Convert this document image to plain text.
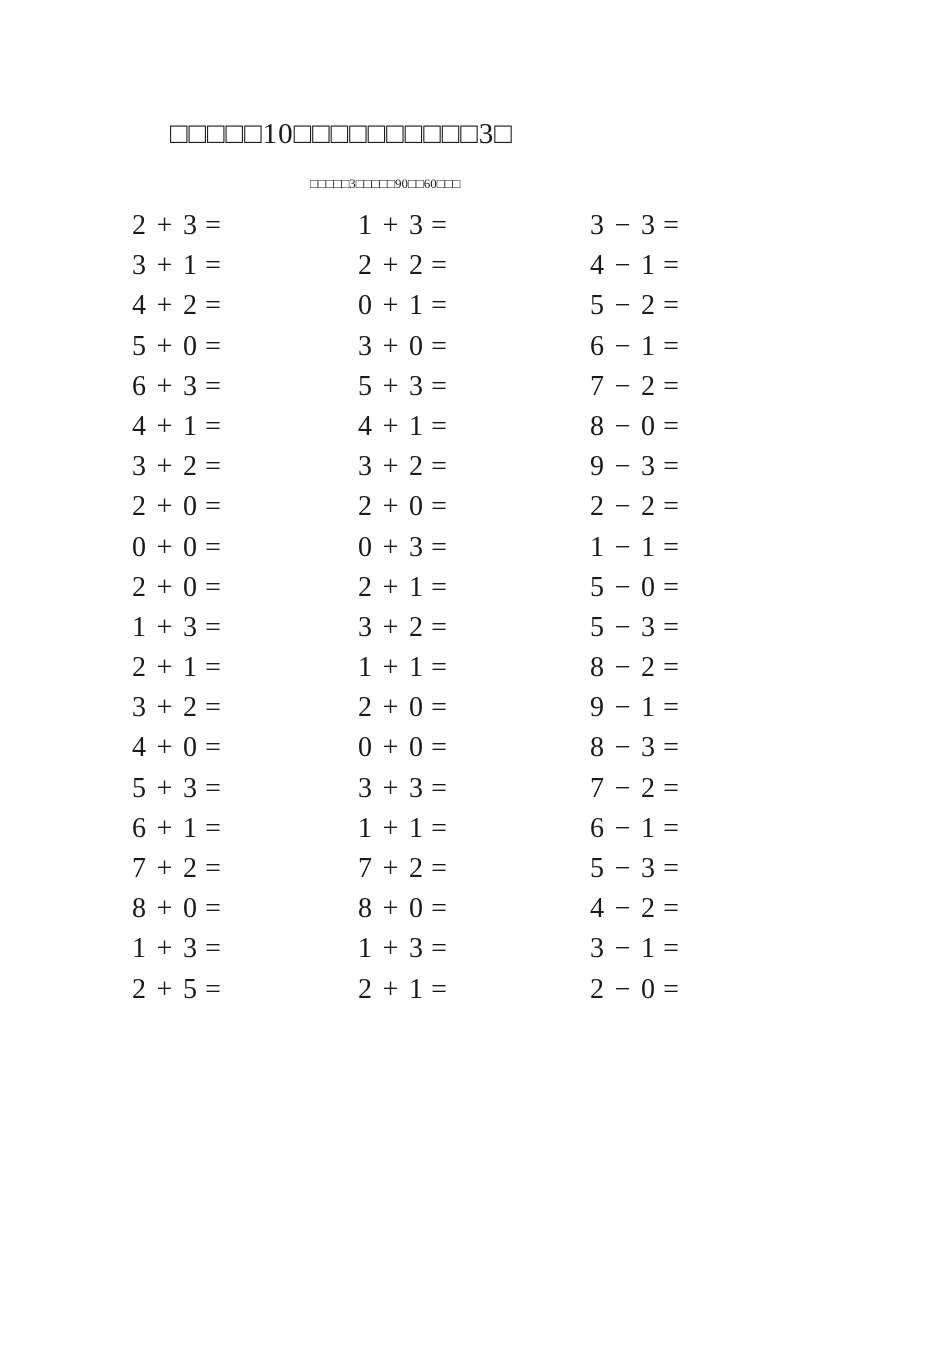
□□□□□10□□□□□□□□□□3□
□□□□□3□□□□□90□□60□□□
2 + 3 =
3 + 1 =
4 + 2 =
5 + 0 =
6 + 3 =
4 + 1 =
3 + 2 =
2 + 0 =
0 + 0 =
2 + 0 =
1 + 3 =
2 + 1 =
3 + 2 =
4 + 0 =
5 + 3 =
6 + 1 =
7 + 2 =
8 + 0 =
1 + 3 =
2 + 5 =
1 + 3 =
2 + 2 =
0 + 1 =
3 + 0 =
5 + 3 =
4 + 1 =
3 + 2 =
2 + 0 =
0 + 3 =
2 + 1 =
3 + 2 =
1 + 1 =
2 + 0 =
0 + 0 =
3 + 3 =
1 + 1 =
7 + 2 =
8 + 0 =
1 + 3 =
2 + 1 =
3 − 3 =
4 − 1 =
5 − 2 =
6 − 1 =
7 − 2 =
8 − 0 =
9 − 3 =
2 − 2 =
1 − 1 =
5 − 0 =
5 − 3 =
8 − 2 =
9 − 1 =
8 − 3 =
7 − 2 =
6 − 1 =
5 − 3 =
4 − 2 =
3 − 1 =
2 − 0 =
